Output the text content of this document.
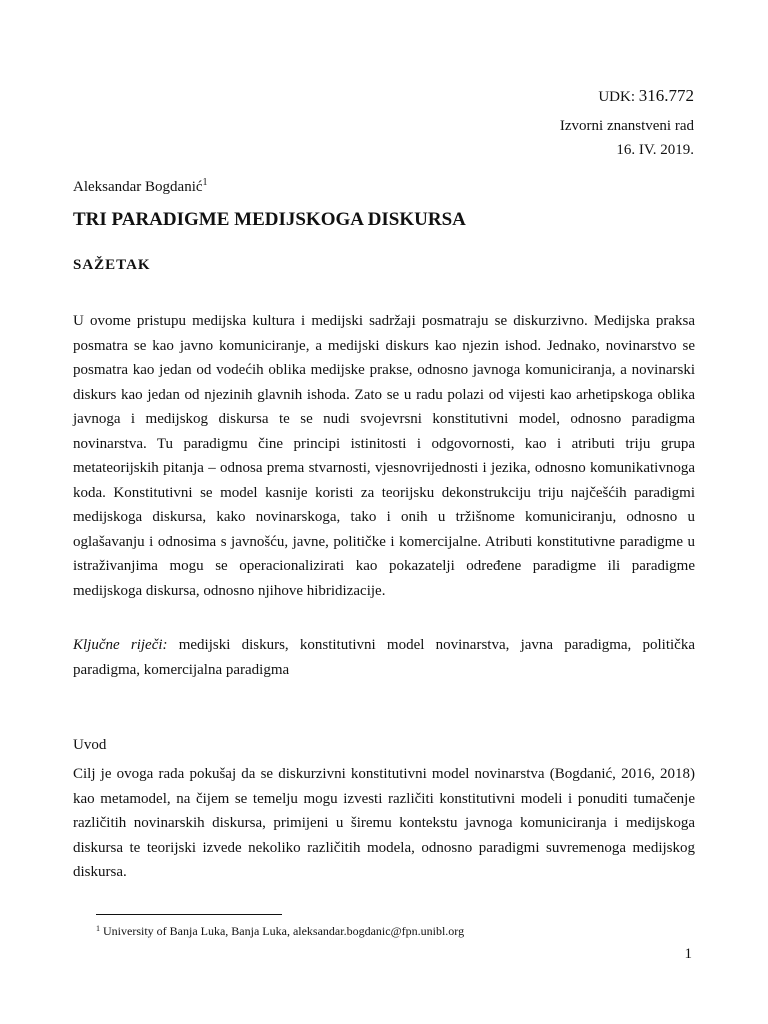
UDK: 316.772
Izvorni znanstveni rad
16. IV. 2019.
Aleksandar Bogdanić$^1$
TRI PARADIGME MEDIJSKOGA DISKURSA
SAŽETAK

U ovome pristupu medijska kultura i medijski sadržaji posmatraju se diskurzivno. Medijska praksa posmatra se kao javno komuniciranje, a medijski diskurs kao njezin ishod. Jednako, novinarstvo se posmatra kao jedan od vodećih oblika medijske prakse, odnosno javnoga komuniciranja, a novinarski diskurs kao jedan od njezinih glavnih ishoda. Zato se u radu polazi od vijesti kao arhetipskoga oblika javnoga i medijskog diskursa te se nudi svojevrsni konstitutivni model, odnosno paradigma novinarstva. Tu paradigmu čine principi istinitosti i odgovornosti, kao i atributi triju grupa metateorijskih pitanja – odnosa prema stvarnosti, vjesnovrijednosti i jezika, odnosno komunikativnoga koda. Konstitutivni se model kasnije koristi za teorijsku dekonstrukciju triju najčešćih paradigmi medijskoga diskursa, kako novinarskoga, tako i onih u tržišnome komuniciranju, odnosno u oglašavanju i odnosima s javnošću, javne, političke i komercijalne. Atributi konstitutivne paradigme u istraživanjima mogu se operacionalizirati kao pokazatelji određene paradigme ili paradigme medijskoga diskursa, odnosno njihove hibridizacije.

Ključne riječi: medijski diskurs, konstitutivni model novinarstva, javna paradigma, politička paradigma, komercijalna paradigma

Uvod

Cilj je ovoga rada pokušaj da se diskurzivni konstitutivni model novinarstva (Bogdanić, 2016, 2018) kao metamodel, na čijem se temelju mogu izvesti različiti konstitutivni modeli i ponuditi tumačenje različitih novinarskih diskursa, primijeni u širemu kontekstu javnoga komuniciranja i medijskoga diskursa te teorijski izvede nekoliko različitih modela, odnosno paradigmi suvremenoga medijskog diskursa.

$^1$ University of Banja Luka, Banja Luka, aleksandar.bogdanic@fpn.unibl.org
1
